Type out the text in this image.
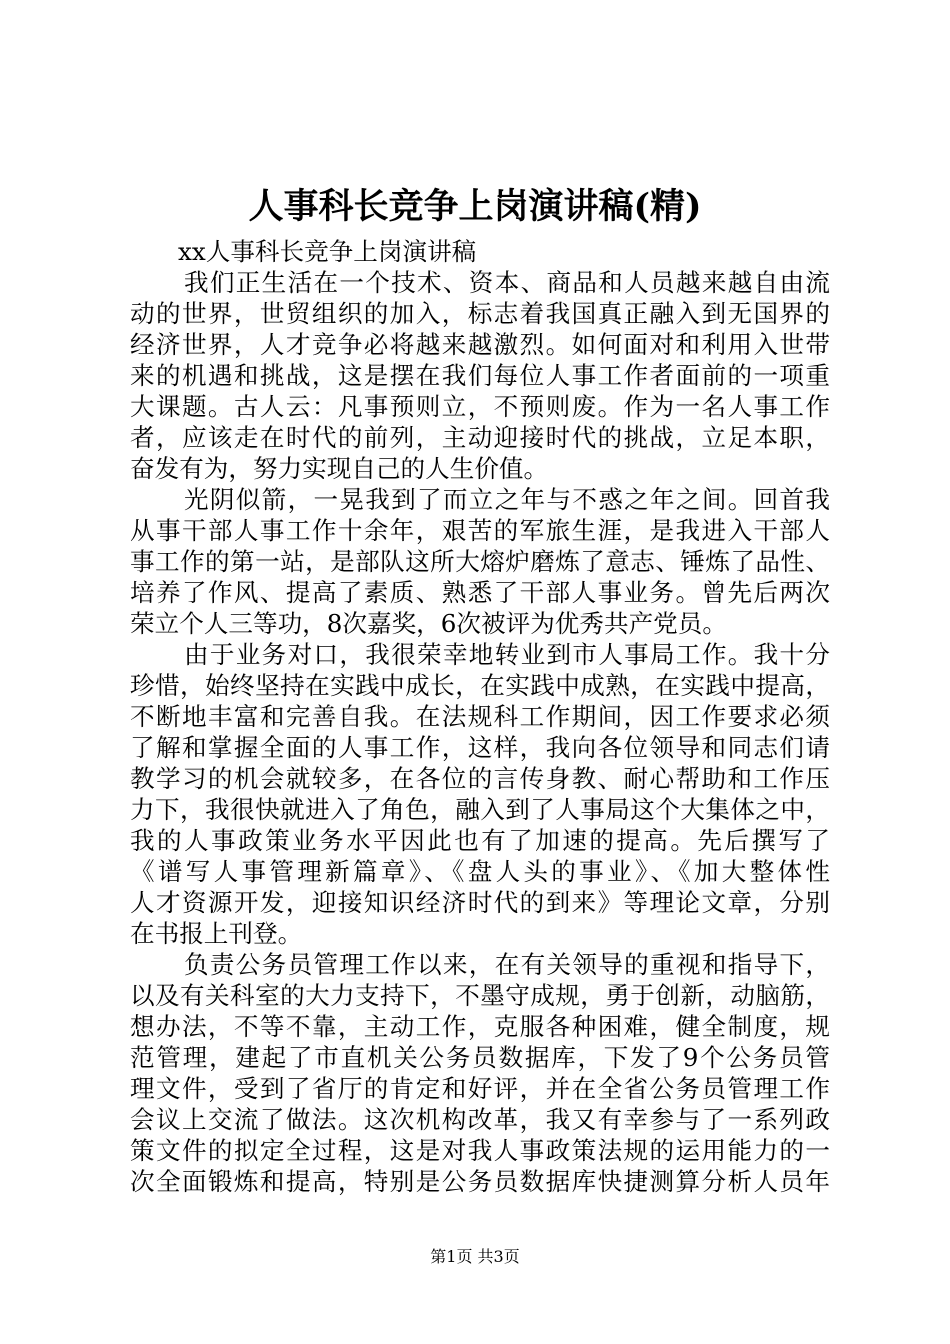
人事科长竞争上岗演讲稿(精)
xx人事科长竞争上岗演讲稿
我们正生活在一个技术、资本、商品和人员越来越自由流
动的世界，世贸组织的加入，标志着我国真正融入到无国界的
经济世界，人才竞争必将越来越激烈。如何面对和利用入世带
来的机遇和挑战，这是摆在我们每位人事工作者面前的一项重
大课题。古人云：凡事预则立，不预则废。作为一名人事工作
者，应该走在时代的前列，主动迎接时代的挑战，立足本职，
奋发有为，努力实现自己的人生价值。
光阴似箭，一晃我到了而立之年与不惑之年之间。回首我
从事干部人事工作十余年，艰苦的军旅生涯，是我进入干部人
事工作的第一站，是部队这所大熔炉磨炼了意志、锤炼了品性、
培养了作风、提高了素质、熟悉了干部人事业务。曾先后两次
荣立个人三等功，8次嘉奖，6次被评为优秀共产党员。
由于业务对口，我很荣幸地转业到市人事局工作。我十分
珍惜，始终坚持在实践中成长，在实践中成熟，在实践中提高，
不断地丰富和完善自我。在法规科工作期间，因工作要求必须
了解和掌握全面的人事工作，这样，我向各位领导和同志们请
教学习的机会就较多，在各位的言传身教、耐心帮助和工作压
力下，我很快就进入了角色，融入到了人事局这个大集体之中，
我的人事政策业务水平因此也有了加速的提高。先后撰写了
《谱写人事管理新篇章》、《盘人头的事业》、《加大整体性
人才资源开发，迎接知识经济时代的到来》等理论文章，分别
在书报上刊登。
负责公务员管理工作以来，在有关领导的重视和指导下，
以及有关科室的大力支持下，不墨守成规，勇于创新，动脑筋，
想办法，不等不靠，主动工作，克服各种困难，健全制度，规
范管理，建起了市直机关公务员数据库，下发了9个公务员管
理文件，受到了省厅的肯定和好评，并在全省公务员管理工作
会议上交流了做法。这次机构改革，我又有幸参与了一系列政
策文件的拟定全过程，这是对我人事政策法规的运用能力的一
次全面锻炼和提高，特别是公务员数据库快捷测算分析人员年
第1页 共3页
